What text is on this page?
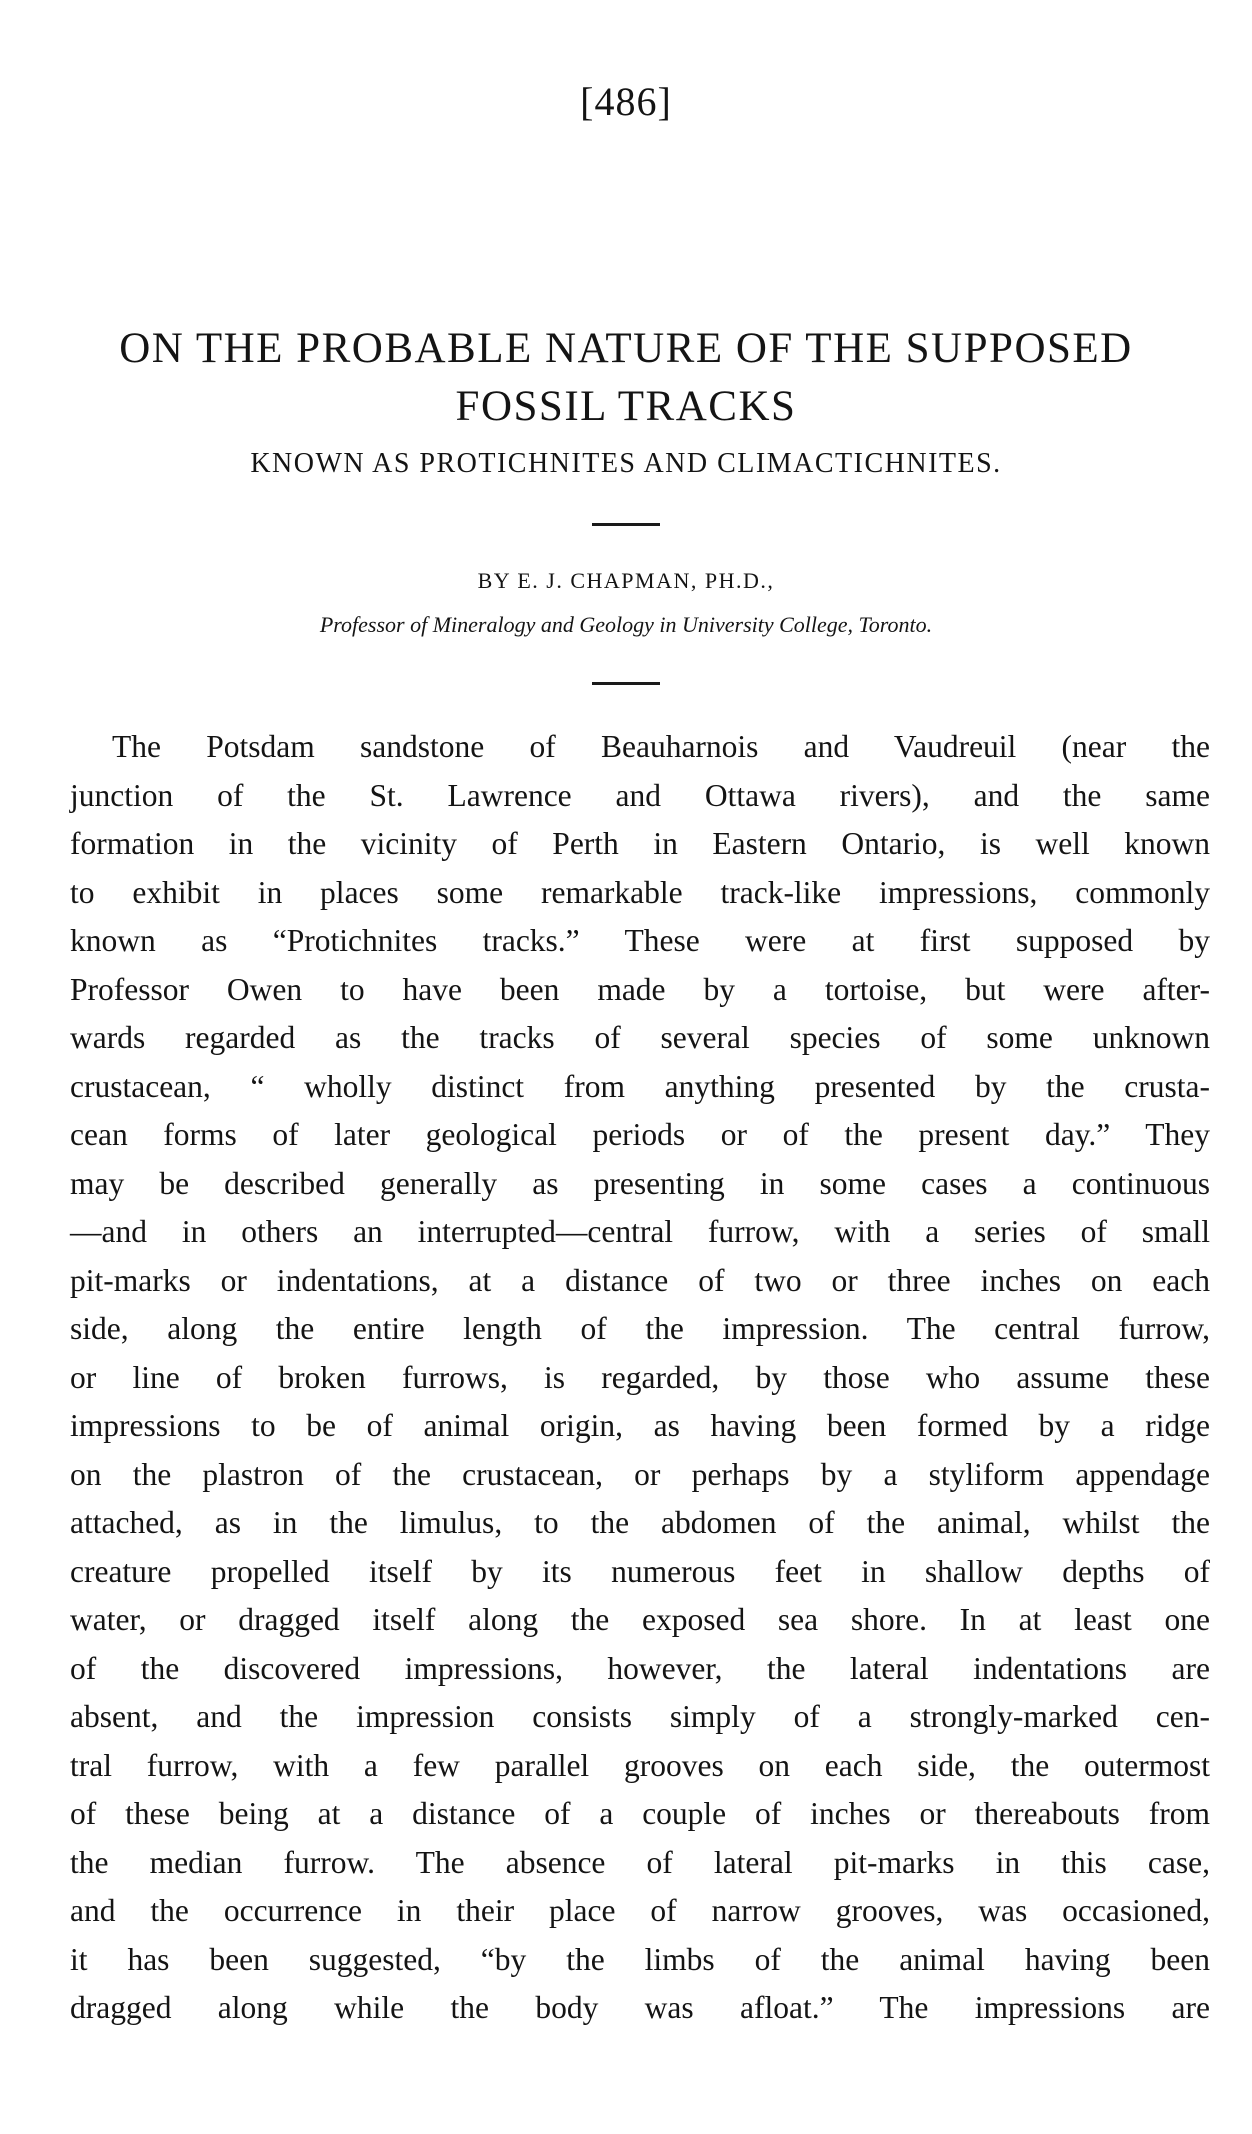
[486]
ON THE PROBABLE NATURE OF THE SUPPOSED
FOSSIL TRACKS
KNOWN AS PROTICHNITES AND CLIMACTICHNITES.
BY E. J. CHAPMAN, PH.D.,
Professor of Mineralogy and Geology in University College, Toronto.
The Potsdam sandstone of Beauharnois and Vaudreuil (near the
junction of the St. Lawrence and Ottawa rivers), and the same
formation in the vicinity of Perth in Eastern Ontario, is well known
to exhibit in places some remarkable track-like impressions, commonly
known as “Protichnites tracks.” These were at first supposed by
Professor Owen to have been made by a tortoise, but were after-
wards regarded as the tracks of several species of some unknown
crustacean, “ wholly distinct from anything presented by the crusta-
cean forms of later geological periods or of the present day.” They
may be described generally as presenting in some cases a continuous
—and in others an interrupted—central furrow, with a series of small
pit-marks or indentations, at a distance of two or three inches on each
side, along the entire length of the impression. The central furrow,
or line of broken furrows, is regarded, by those who assume these
impressions to be of animal origin, as having been formed by a ridge
on the plastron of the crustacean, or perhaps by a styliform appendage
attached, as in the limulus, to the abdomen of the animal, whilst the
creature propelled itself by its numerous feet in shallow depths of
water, or dragged itself along the exposed sea shore. In at least one
of the discovered impressions, however, the lateral indentations are
absent, and the impression consists simply of a strongly-marked cen-
tral furrow, with a few parallel grooves on each side, the outermost
of these being at a distance of a couple of inches or thereabouts from
the median furrow. The absence of lateral pit-marks in this case,
and the occurrence in their place of narrow grooves, was occasioned,
it has been suggested, “by the limbs of the animal having been
dragged along while the body was afloat.” The impressions are
